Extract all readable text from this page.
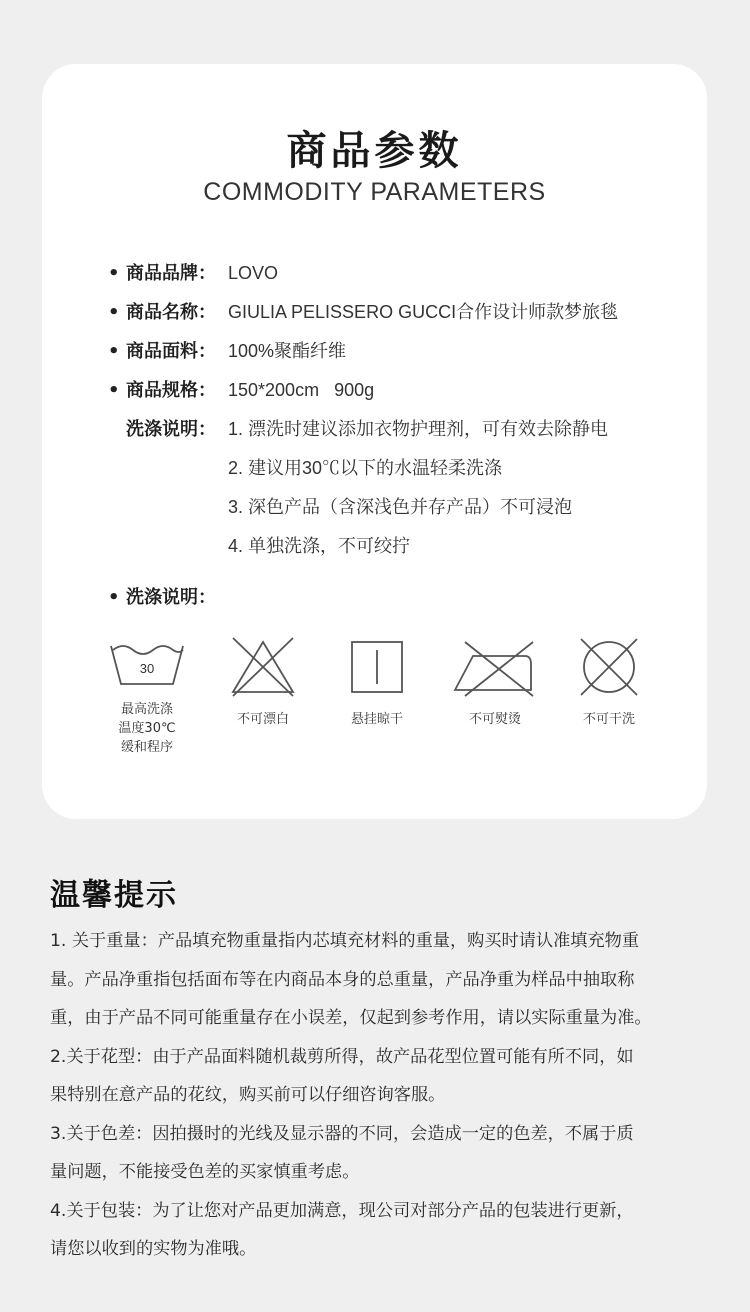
商品参数
COMMODITY PARAMETERS
• 商品品牌： LOVO
• 商品名称： GIULIA PELISSERO GUCCI合作设计师款梦旅毯
• 商品面料： 100%聚酯纤维
• 商品规格： 150*200cm   900g
洗涤说明： 1. 漂洗时建议添加衣物护理剂，可有效去除静电
2. 建议用30℃以下的水温轻柔洗涤
3. 深色产品（含深浅色并存产品）不可浸泡
4. 单独洗涤，不可绞拧
• 洗涤说明：
30
最高洗涤
温度30℃
缓和程序
不可漂白	悬挂晾干	不可熨烫	不可干洗
温馨提示

1. 关于重量：产品填充物重量指内芯填充材料的重量，购买时请认准填充物重

量。产品净重指包括面布等在内商品本身的总重量，产品净重为样品中抽取称

重，由于产品不同可能重量存在小误差，仅起到参考作用，请以实际重量为准。

2.关于花型：由于产品面料随机裁剪所得，故产品花型位置可能有所不同，如

果特别在意产品的花纹，购买前可以仔细咨询客服。

3.关于色差：因拍摄时的光线及显示器的不同，会造成一定的色差，不属于质

量问题，不能接受色差的买家慎重考虑。

4.关于包装：为了让您对产品更加满意，现公司对部分产品的包装进行更新，

请您以收到的实物为准哦。
